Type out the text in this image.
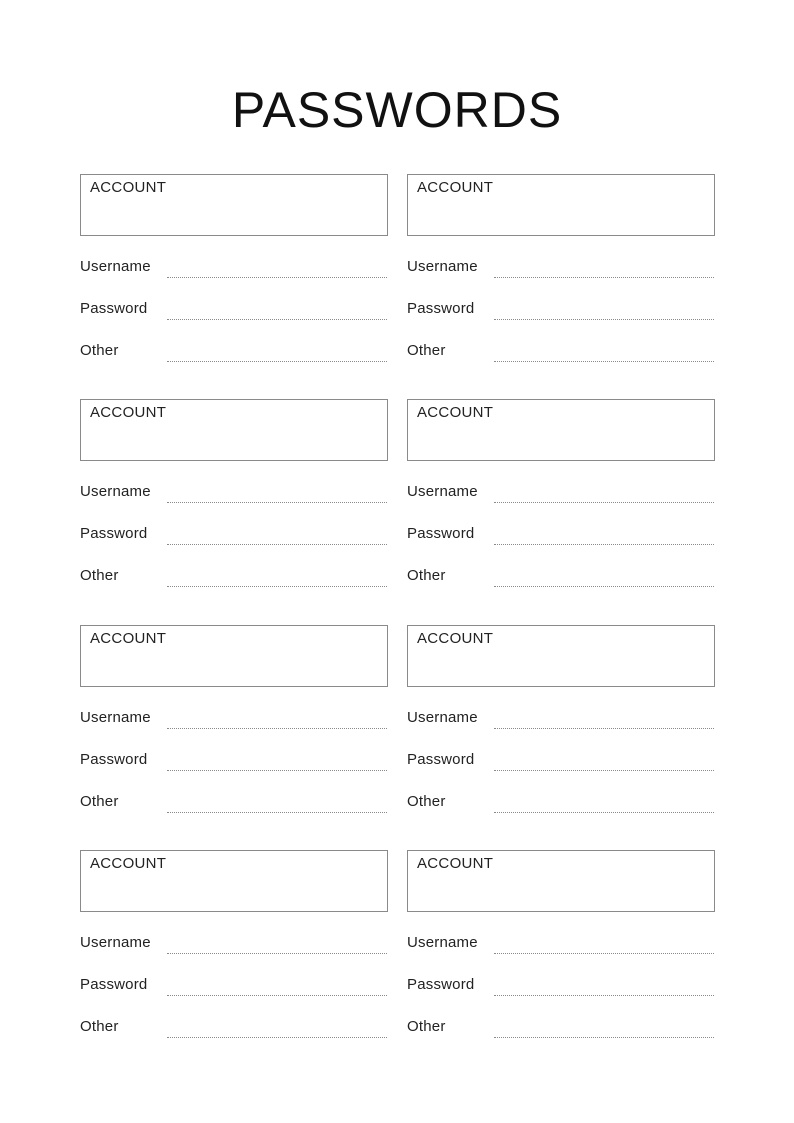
PASSWORDS
ACCOUNT
Username
Password
Other
ACCOUNT
Username
Password
Other
ACCOUNT
Username
Password
Other
ACCOUNT
Username
Password
Other
ACCOUNT
Username
Password
Other
ACCOUNT
Username
Password
Other
ACCOUNT
Username
Password
Other
ACCOUNT
Username
Password
Other
